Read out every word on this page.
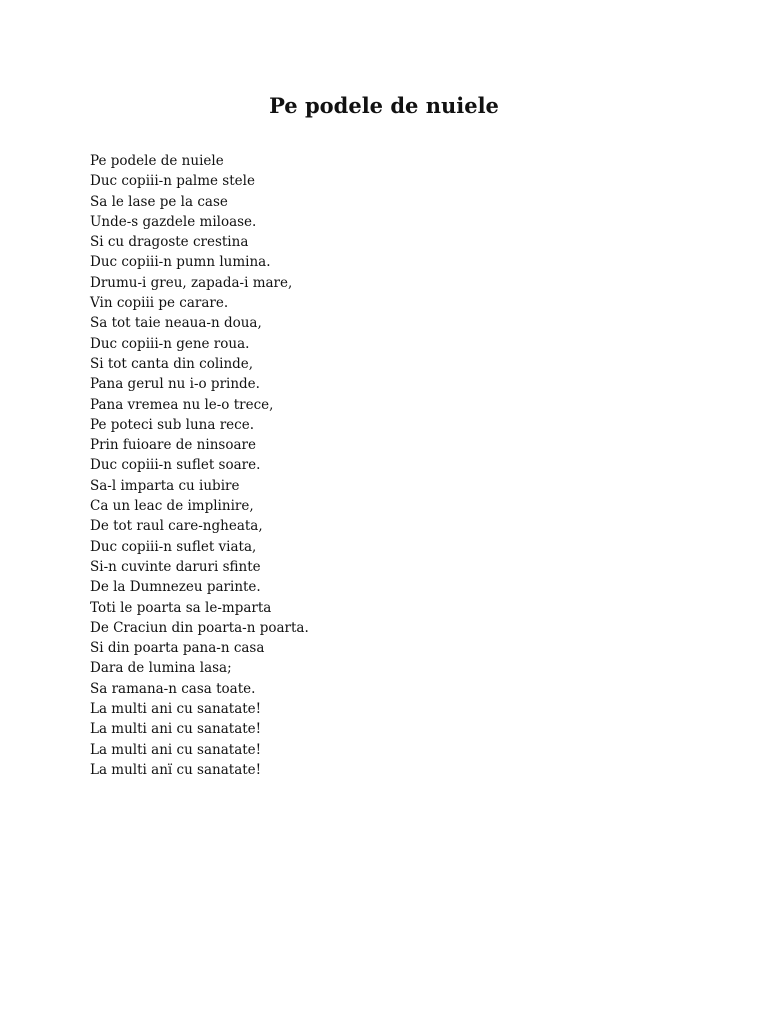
Pe podele de nuiele
Pe podele de nuiele
Duc copiii-n palme stele
Sa le lase pe la case
Unde-s gazdele miloase.
Si cu dragoste crestina
Duc copiii-n pumn lumina.
Drumu-i greu, zapada-i mare,
Vin copiii pe carare.
Sa tot taie neaua-n doua,
Duc copiii-n gene roua.
Si tot canta din colinde,
Pana gerul nu i-o prinde.
Pana vremea nu le-o trece,
Pe poteci sub luna rece.
Prin fuioare de ninsoare
Duc copiii-n suflet soare.
Sa-l imparta cu iubire
Ca un leac de implinire,
De tot raul care-ngheata,
Duc copiii-n suflet viata,
Si-n cuvinte daruri sfinte
De la Dumnezeu parinte.
Toti le poarta sa le-mparta
De Craciun din poarta-n poarta.
Si din poarta pana-n casa
Dara de lumina lasa;
Sa ramana-n casa toate.
La multi ani cu sanatate!
La multi ani cu sanatate!
La multi ani cu sanatate!
La multi anï cu sanatate!
